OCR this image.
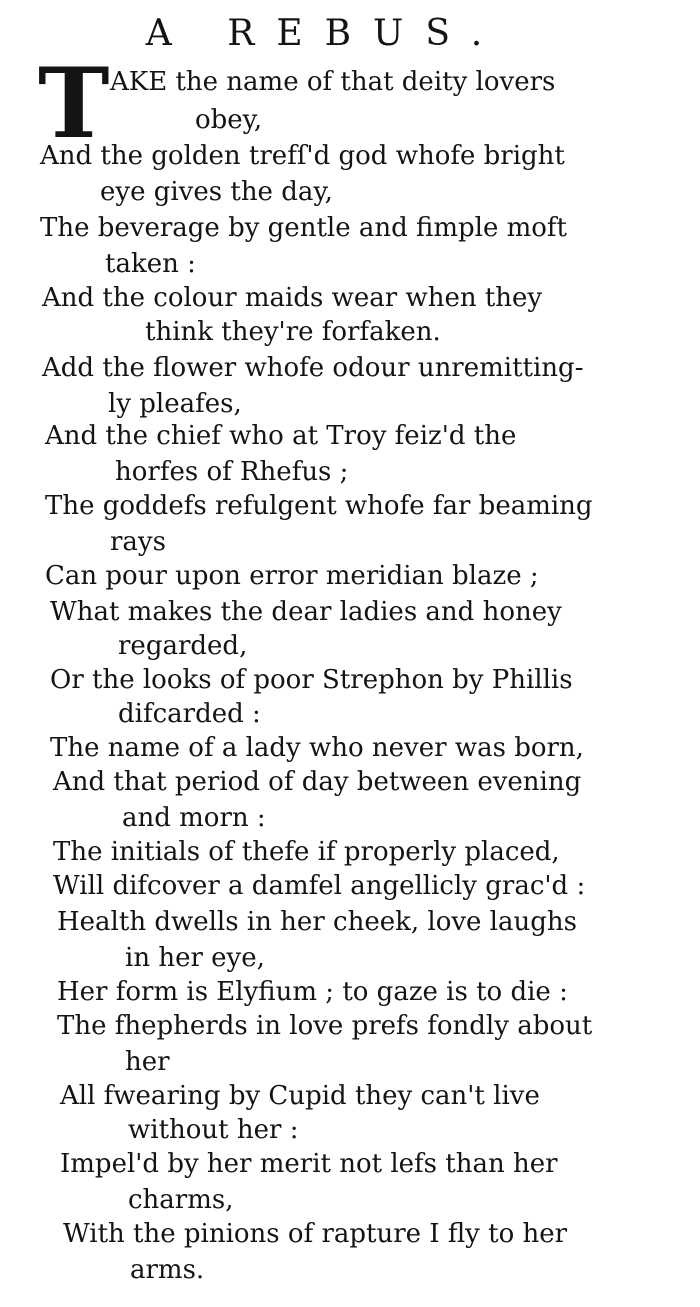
A REBUS.
T AKE the name of that deity lovers
obey,
And the golden trefſ'd god whofe bright
eye gives the day,
The beverage by gentle and fimple moft
taken :
And the colour maids wear when they
think they're forfaken.
Add the flower whofe odour unremitting-
ly pleafes,
And the chief who at Troy feiz'd the
horfes of Rhefus ;
The goddefs refulgent whofe far beaming
rays
Can pour upon error meridian blaze ;
What makes the dear ladies and honey
regarded,
Or the looks of poor Strephon by Phillis
difcarded :
The name of a lady who never was born,
And that period of day between evening
and morn :
The initials of thefe if properly placed,
Will difcover a damfel angellicly grac'd :
Health dwells in her cheek, love laughs
in her eye,
Her form is Elyfium ; to gaze is to die :
The fhepherds in love prefs fondly about
her
All fwearing by Cupid they can't live
without her :
Impel'd by her merit not lefs than her
charms,
With the pinions of rapture I fly to her
arms.
